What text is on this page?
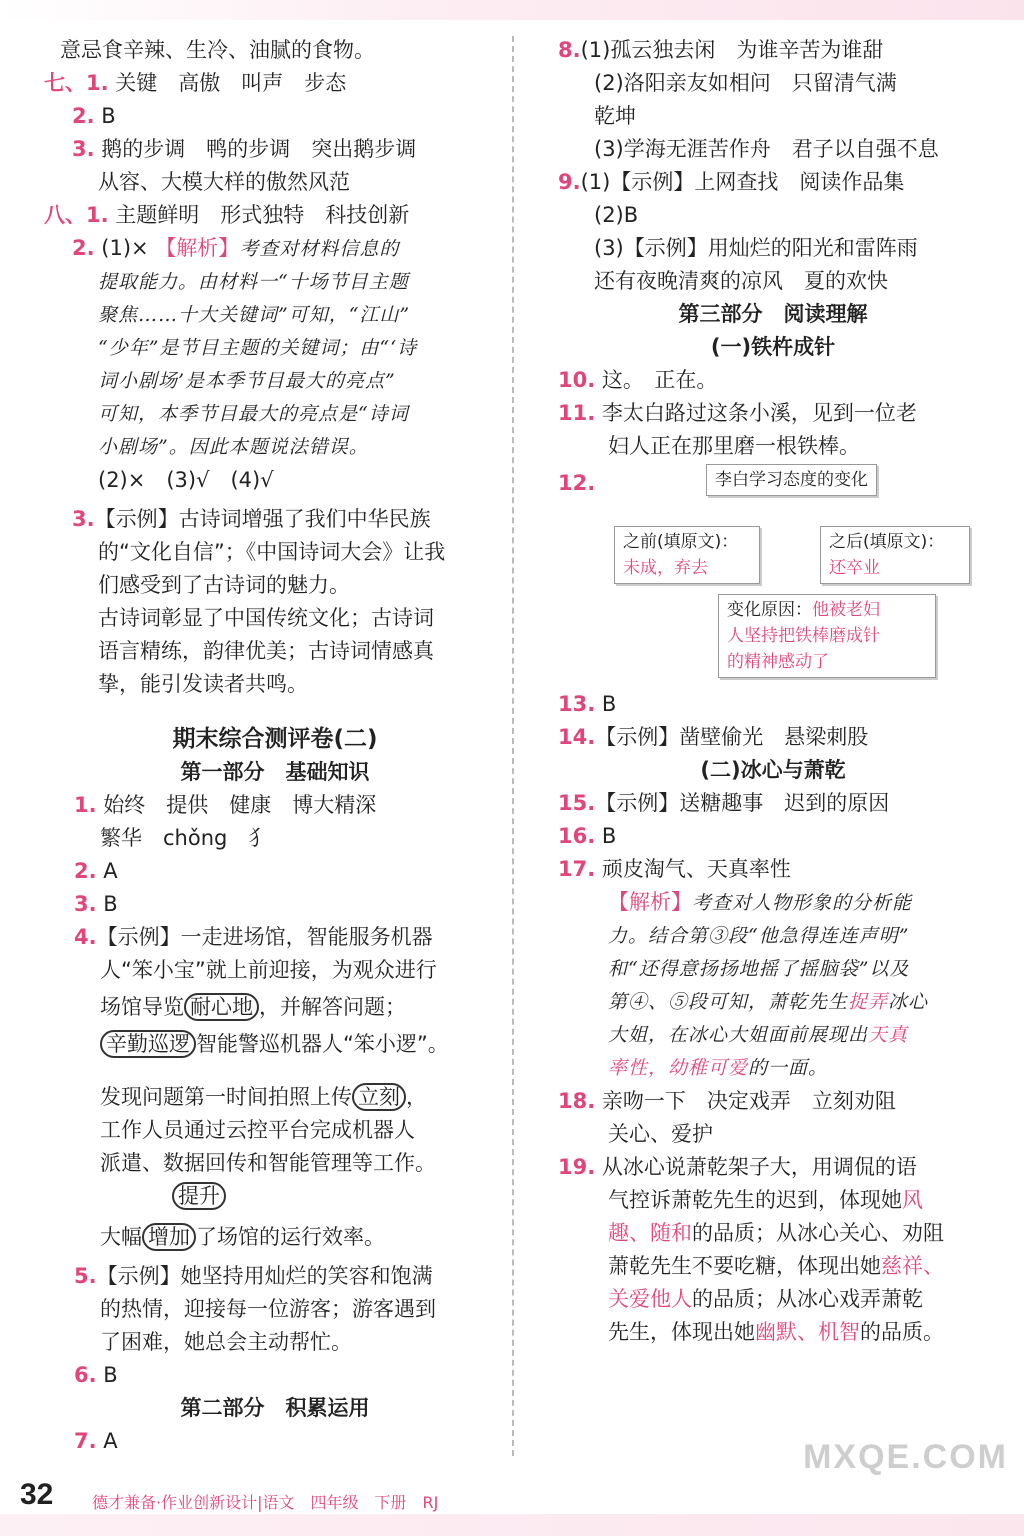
意忌食辛辣、生冷、油腻的食物。
七、1. 关键　高傲　叫声　步态
2. B
3. 鹅的步调　鸭的步调　突出鹅步调
从容、大模大样的傲然风范
八、1. 主题鲜明　形式独特　科技创新
2. (1)× 【解析】考查对材料信息的
提取能力。由材料一“十场节目主题
聚焦……十大关键词”可知，“江山”
“少年”是节目主题的关键词；由“‘诗
词小剧场’是本季节目最大的亮点”
可知，本季节目最大的亮点是“诗词
小剧场”。因此本题说法错误。
(2)×　(3)√　(4)√
3.【示例】古诗词增强了我们中华民族
的“文化自信”；《中国诗词大会》让我
们感受到了古诗词的魅力。
古诗词彰显了中国传统文化；古诗词
语言精练，韵律优美；古诗词情感真
挚，能引发读者共鸣。
期末综合测评卷(二)
第一部分　基础知识
1. 始终　提供　健康　博大精深
繁华　chǒng　犭
2. A
3. B
4.【示例】一走进场馆，智能服务机器
人“笨小宝”就上前迎接，为观众进行
场馆导览 耐心地 ，并解答问题；
辛勤巡逻 智能警巡机器人“笨小逻”。
发现问题第一时间拍照上传 立刻 ，
工作人员通过云控平台完成机器人
派遣、数据回传和智能管理等工作。
提升
大幅 增加 了场馆的运行效率。
5.【示例】她坚持用灿烂的笑容和饱满
的热情，迎接每一位游客；游客遇到
了困难，她总会主动帮忙。
6. B
第二部分　积累运用
7. A
8.(1)孤云独去闲　为谁辛苦为谁甜
(2)洛阳亲友如相问　只留清气满
乾坤
(3)学海无涯苦作舟　君子以自强不息
9.(1)【示例】上网查找　阅读作品集
(2)B
(3)【示例】用灿烂的阳光和雷阵雨
还有夜晚清爽的凉风　夏的欢快
第三部分　阅读理解
(一)铁杵成针
10. 这。　正在。
11. 李太白路过这条小溪，见到一位老
妇人正在那里磨一根铁棒。
12.	李白学习态度的变化
之前(填原文)：
未成，弃去
之后(填原文)：
还卒业
变化原因：他被老妇
人坚持把铁棒磨成针
的精神感动了
13. B
14.【示例】凿壁偷光　悬梁刺股
(二)冰心与萧乾
15.【示例】送糖趣事　迟到的原因
16. B
17. 顽皮淘气、天真率性
【解析】考查对人物形象的分析能
力。结合第③段“他急得连连声明”
和“还得意扬扬地摇了摇脑袋”以及
第④、⑤段可知，萧乾先生捉弄冰心
大姐，在冰心大姐面前展现出天真
率性，幼稚可爱的一面。
18. 亲吻一下　决定戏弄　立刻劝阻
关心、爱护
19. 从冰心说萧乾架子大，用调侃的语
气控诉萧乾先生的迟到，体现她风
趣、随和的品质；从冰心关心、劝阻
萧乾先生不要吃糖，体现出她慈祥、
关爱他人的品质；从冰心戏弄萧乾
先生，体现出她幽默、机智的品质。
32 德才兼备·作业创新设计|语文　四年级　下册　RJ
MXQE.COM
